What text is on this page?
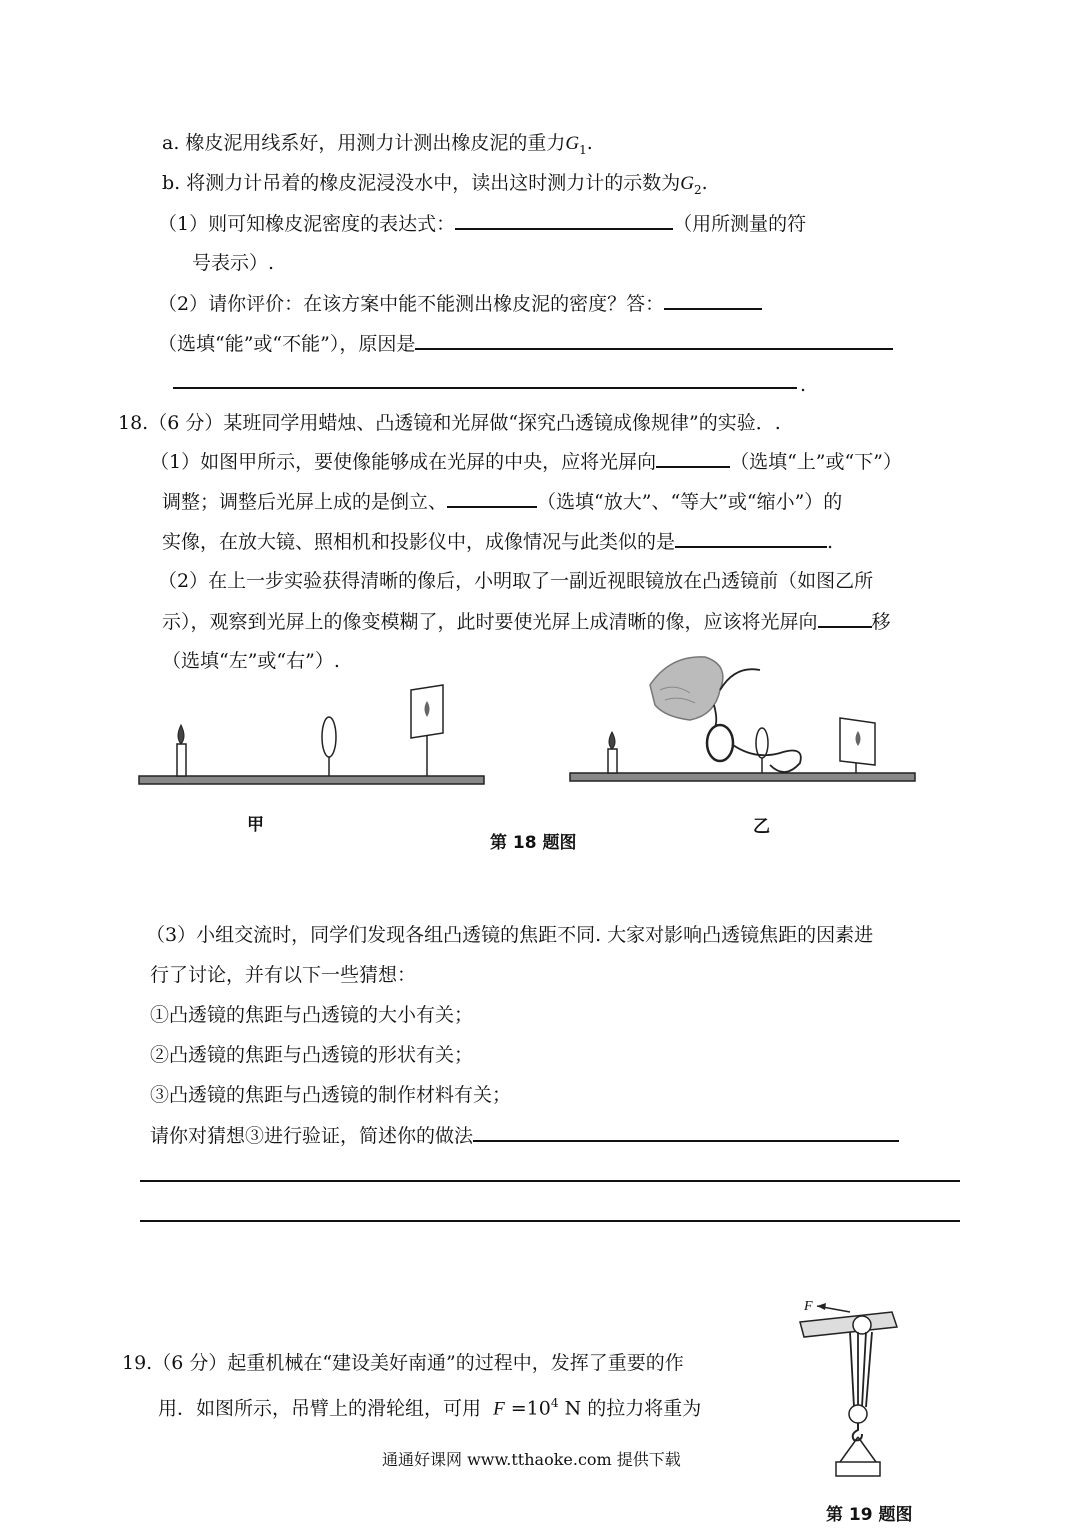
a. 橡皮泥用线系好，用测力计测出橡皮泥的重力$G_1$.
b. 将测力计吊着的橡皮泥浸没水中，读出这时测力计的示数为$G_2$.
（1）则可知橡皮泥密度的表达式：	（用所测量的符
号表示）.
（2）请你评价：在该方案中能不能测出橡皮泥的密度？答：
（选填“能”或“不能”），原因是
.
18.（6 分）某班同学用蜡烛、凸透镜和光屏做“探究凸透镜成像规律”的实验．.
（1）如图甲所示，要使像能够成在光屏的中央，应将光屏向	（选填“上”或“下”）
调整；调整后光屏上成的是倒立、	（选填“放大”、“等大”或“缩小”）的
实像，在放大镜、照相机和投影仪中，成像情况与此类似的是	.
（2）在上一步实验获得清晰的像后，小明取了一副近视眼镜放在凸透镜前（如图乙所
示），观察到光屏上的像变模糊了，此时要使光屏上成清晰的像，应该将光屏向	移
（选填“左”或“右”）.
甲	乙
第 18 题图
（3）小组交流时，同学们发现各组凸透镜的焦距不同. 大家对影响凸透镜焦距的因素进
行了讨论，并有以下一些猜想：
①凸透镜的焦距与凸透镜的大小有关；
②凸透镜的焦距与凸透镜的形状有关；
③凸透镜的焦距与凸透镜的制作材料有关；
请你对猜想③进行验证，简述你的做法
19.（6 分）起重机械在“建设美好南通”的过程中，发挥了重要的作
用．如图所示，吊臂上的滑轮组，可用 $F =10^4$ N 的拉力将重为
F
第 19 题图
通通好课网 www.tthaoke.com 提供下载
